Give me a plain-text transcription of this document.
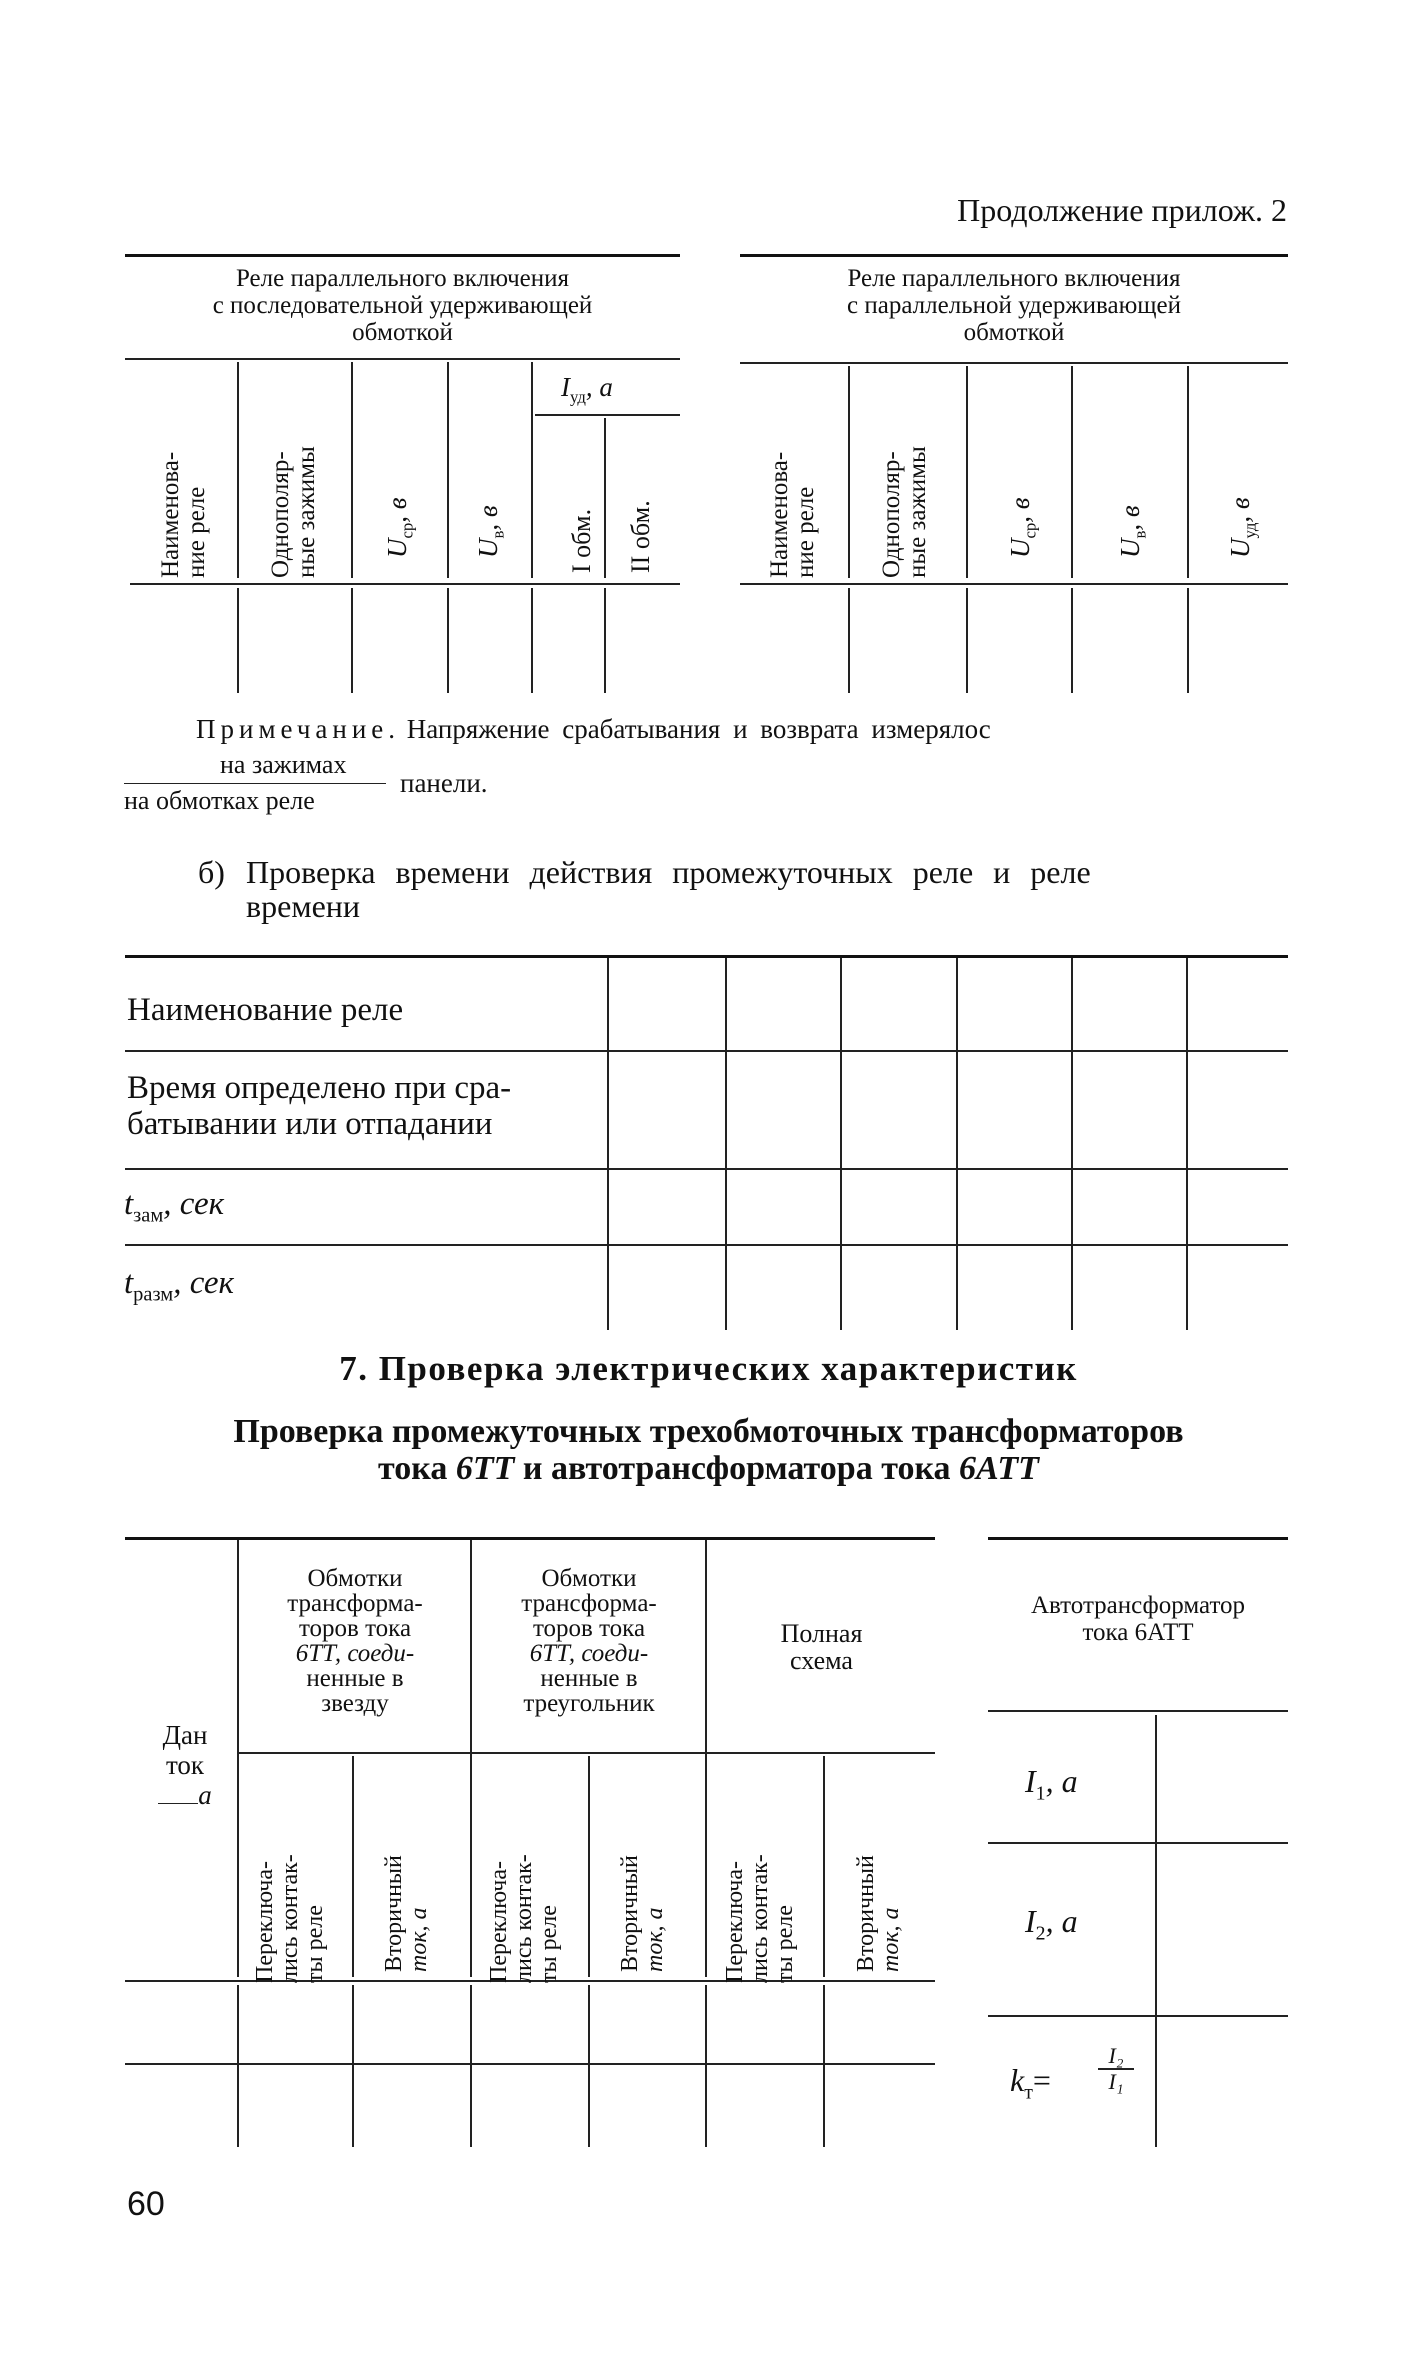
Продолжение прилож. 2
Реле параллельного включения
с последовательной удерживающей
обмоткой
Наименова- ние реле Однополяр- ные зажимы $U_{ср}$, в
$U_в$, в
$I_{уд}$, а
I обм. II обм.
Реле параллельного включения
с параллельной удерживающей
обмоткой
Наименова- ние реле Однополяр- ные зажимы	$U_{ср}$, в
$U_в$, в
$U_{уд}$, в
Примечание. Напряжение срабатывания и возврата измерялос
на зажимах
на обмотках реле
панели.
б) Проверка времени действия промежуточных реле и реле
времени
Наименование реле
Время определено при сра-
батывании или отпадании
$t_{зам}$, сек
$t_{разм}$, сек
7. Проверка электрических характеристик
Проверка промежуточных трехобмоточных трансформаторов
тока 6ТТ и автотрансформатора тока 6АТТ
Дан
ток
а
Обмотки
трансформа-
торов тока
6ТТ, соеди-
ненные в
звезду
Обмотки
трансформа-
торов тока
6ТТ, соеди-
ненные в
треугольник
Полная
схема
Переключа- лись контак- ты реле Вторичный ток, а Переключа- лись контак- ты реле Вторичный ток, а Переключа- лись контак- ты реле Вторичный ток, а
Автотрансформатор
тока 6АТТ
$I_1$, а
$I_2$, а
$k_т=$
I₂
I₁
60
